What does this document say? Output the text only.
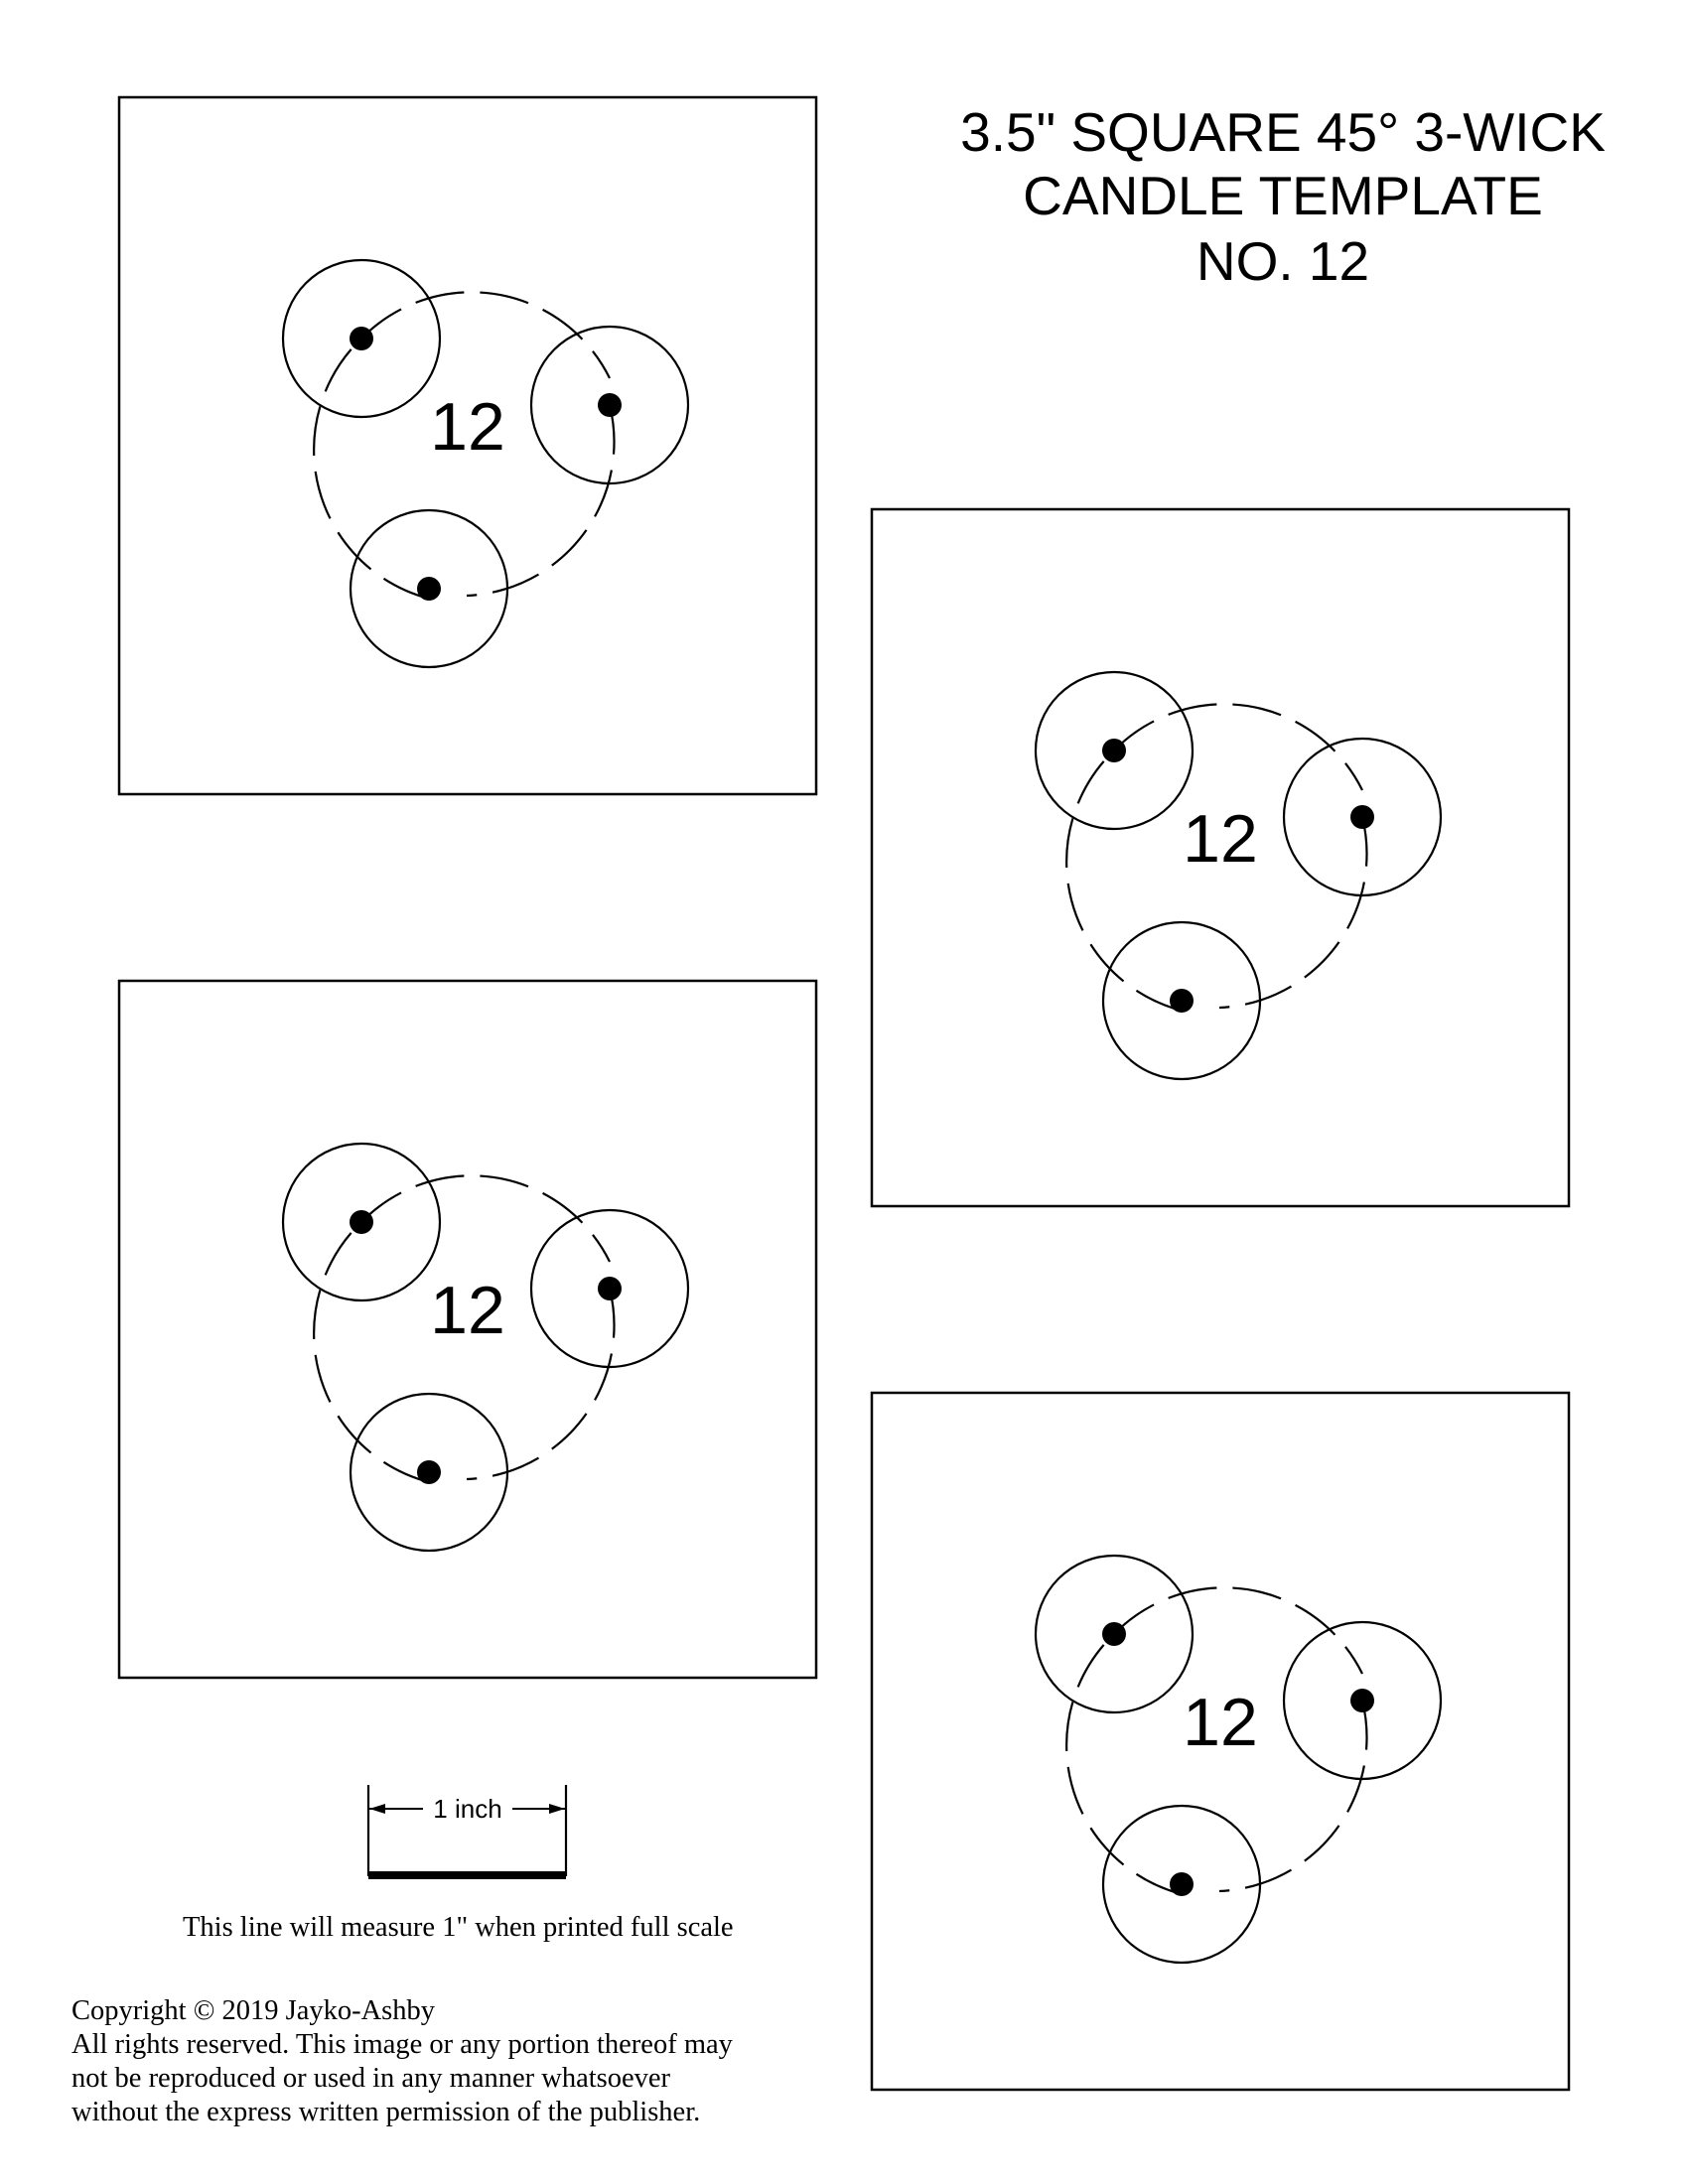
3.5" SQUARE 45° 3-WICK
CANDLE TEMPLATE
NO. 12
12
12
12
12
1 inch
This line will measure 1" when printed full scale
Copyright © 2019 Jayko-Ashby
All rights reserved. This image or any portion thereof may
not be reproduced or used in any manner whatsoever
without the express written permission of the publisher.
